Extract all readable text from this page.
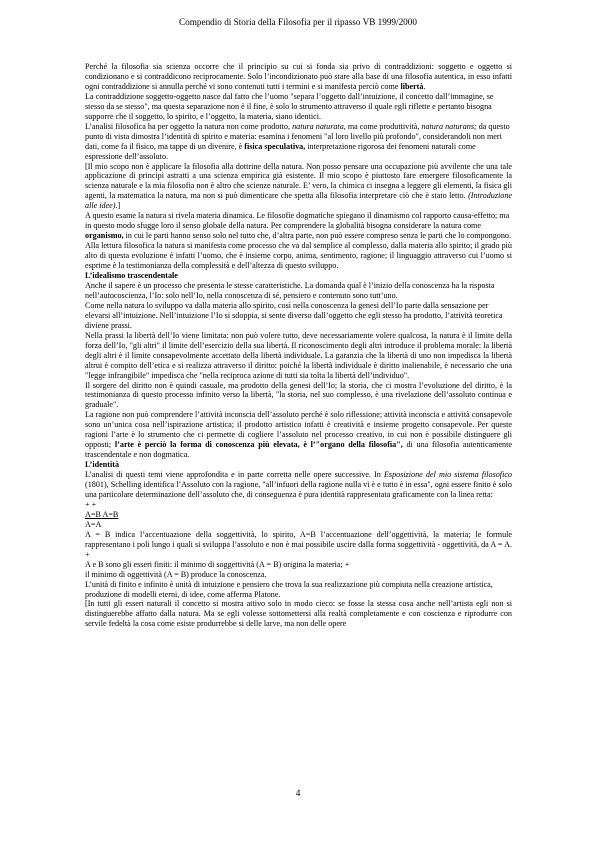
Compendio di Storia della Filosofia per il ripasso VB 1999/2000

Perché la filosofia sia scienza occorre che il principio su cui si fonda sia privo di contraddizioni: soggetto e oggetto si condizionano e si contraddicono reciprocamente. Solo l’incondizionato può stare alla base di una filosofia autentica, in esso infatti ogni contraddizione si annulla perché vi sono contenuti tutti i termini e si manifesta perciò come libertà.

La contraddizione soggetto-oggetto nasce dal fatto che l’uomo "separa l’oggetto dall’intuizione, il concetto dall’immagine, se stesso da se stesso", ma questa separazione non è il fine, è solo lo strumento attraverso il quale egli riflette e pertanto bisogna supporre che il soggetto, lo spirito, e l’oggetto, la materia, siano identici.

L’analisi filosofica ha per oggetto la natura non come prodotto, natura naturata, ma come produttività, natura naturans; da questo punto di vista dimostra l’identità di spirito e materia: esamina i fenomeni "al loro livello più profondo", considerandoli non meri dati, come fa il fisico, ma tappe di un divenire, è fisica speculativa, interpretazione rigorosa dei fenomeni naturali come espressione dell’assoluto.

[Il mio scopo non è applicare la filosofia alla dottrine della natura. Non posso pensare una occupazione più avvilente che una tale applicazione di principi astratti a una scienza empirica già esistente. Il mio scopo è piuttosto fare emergere filosoficamente la scienza naturale e la mia filosofia non è altro che scienze naturale. E’ vero, la chimica ci insegna a leggere gli elementi, la fisica gli agenti, la matematica la natura, ma non si può dimenticare che spetta alla filosofia interpretare ciò che è stato letto. (Introduzione alle idee).]

A questo esame la natura si rivela materia dinamica. Le filosofie dogmatiche spiegano il dinamismo col rapporto causa-effetto; ma in questo modo sfugge loro il senso globale della natura. Per comprendere la globalità bisogna considerare la natura come organismo, in cui le parti hanno senso solo nel tutto che, d’altra parte, non può essere compreso senza le parti che lo compongono.

Alla lettura filosofica la natura si manifesta come processo che va dal semplice al complesso, dalla materia allo spirito; il grado più alto di questa evoluzione è infatti l’uomo, che è insieme corpo, anima, sentimento, ragione; il linguaggio attraverso cui l’uomo si esprime è la testimonianza della complessità e dell’altezza di questo sviluppo.

L’idealismo trascendentale

Anche il sapere è un processo che presenta le stesse caratteristiche. La domanda qual è l’inizio della conoscenza ha la risposta nell’autocoscienza, l’Io: solo nell’Io, nella conoscenza di sé, pensiero e contenuto sono tutt’uno.

Come nella natura lo sviluppo va dalla materia allo spirito, così nella conoscenza la genesi dell’Io parte dalla sensazione per elevarsi all’intuizione. Nell’intuizione l’Io si sdoppia, si sente diverso dall’oggetto che egli stesso ha prodotto, l’attività teoretica diviene prassi.

Nella prassi la libertà dell’Io viene limitata: non può volere tutto, deve necessariamente volere qualcosa, la natura è il limite della forza dell’Io, "gli altri" il limite dell’esercizio della sua libertà. Il riconoscimento degli altri introduce il problema morale: la libertà degli altri è il limite consapevolmente accettato della libertà individuale. La garanzia che la libertà di uno non impedisca la libertà altrui è compito dell’etica e si realizza attraverso il diritto: poiché la libertà individuale è diritto inalienabile, è necessario che una "legge infrangibile" impedisca che "nella reciproca azione di tutti sia tolta la libertà dell’individuo".

Il sorgere del diritto non è quindi casuale, ma prodotto della genesi dell’Io; la storia, che ci mostra l’evoluzione del diritto, è la testimonianza di questo processo infinito verso la libertà, "la storia, nel suo complesso, è una rivelazione dell’assoluto continua e graduale".

La ragione non può comprendere l’attività inconscia dell’assoluto perché è solo riflessione; attività inconscia e attività consapevole sono un’unica cosa nell’ispirazione artistica; il prodotto artistico infatti è creatività e insieme progetto consapevole. Per queste ragioni l’arte è lo strumento che ci permette di cogliere l’assoluto nel processo creativo, in cui non è possibile distinguere gli opposti; l’arte è perciò la forma di conoscenza più elevata, è l’"organo della filosofia", di una filosofia autenticamente trascendentale e non dogmatica.

L’identità

L’analisi di questi temi viene approfondita e in parte corretta nelle opere successive. In Esposizione del mio sistema filosofico (1801), Schelling identifica l’Assoluto con la ragione, "all’infuori della ragione nulla vi è e tutto è in essa", ogni essere finito è solo una particolare determinazione dell’assoluto che, di conseguenza è pura identità rappresentata graficamente con la linea retta:

+ +

A=B A=B

A=A

A = B indica l’accentuazione della soggettività, lo spirito, A=B l’accentuazione dell’oggettività, la materia; le formule rappresentano i poli lungo i quali si sviluppa l’assoluto e non è mai possibile uscire dalla forma soggettività - oggettività, da A = A. +

A e B sono gli esseri finiti: il minimo di soggettività (A = B) origina la materia; +

il minimo di oggettività (A = B) produce la conoscenza.

L’unità di finito e infinito è unità di intuizione e pensiero che trova la sua realizzazione più compiuta nella creazione artistica, produzione di modelli eterni, di idee, come afferma Platone.

[In tutti gli esseri naturali il concetto si mostra attivo solo in modo cieco: se fosse la stessa cosa anche nell’artista egli non si distinguerebbe affatto dalla natura. Ma se egli volesse sottomettersi alla realtà completamente e con coscienza e riprodurre con servile fedeltà la cosa come esiste produrrebbe si delle larve, ma non delle opere

4
